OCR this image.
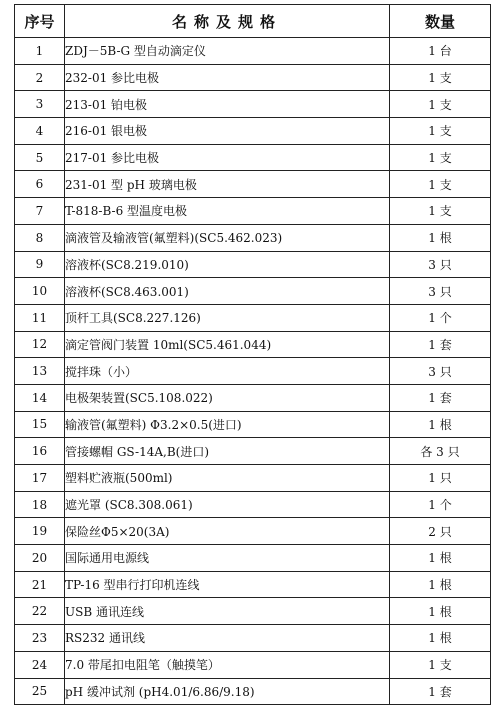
序号	名称及规格	数量
1	ZDJ－5B-G 型自动滴定仪	1 台
2	232-01 参比电极	1 支
3	213-01 铂电极	1 支
4	216-01 银电极	1 支
5	217-01 参比电极	1 支
6	231-01 型 pH 玻璃电极	1 支
7	T-818-B-6 型温度电极	1 支
8	滴液管及输液管(氟塑料)(SC5.462.023)	1 根
9	溶液杯(SC8.219.010)	3 只
10	溶液杯(SC8.463.001)	3 只
11	顶杆工具(SC8.227.126)	1 个
12	滴定管阀门装置 10ml(SC5.461.044)	1 套
13	搅拌珠（小）	3 只
14	电极架装置(SC5.108.022)	1 套
15	输液管(氟塑料) Φ3.2×0.5(进口)	1 根
16	管接螺帽 GS-14A,B(进口)	各 3 只
17	塑料贮液瓶(500ml)	1 只
18	遮光罩 (SC8.308.061)	1 个
19	保险丝Φ5×20(3A)	2 只
20	国际通用电源线	1 根
21	TP-16 型串行打印机连线	1 根
22	USB 通讯连线	1 根
23	RS232 通讯线	1 根
24	7.0 带尾扣电阻笔（触摸笔）	1 支
25	pH 缓冲试剂 (pH4.01/6.86/9.18)	1 套
